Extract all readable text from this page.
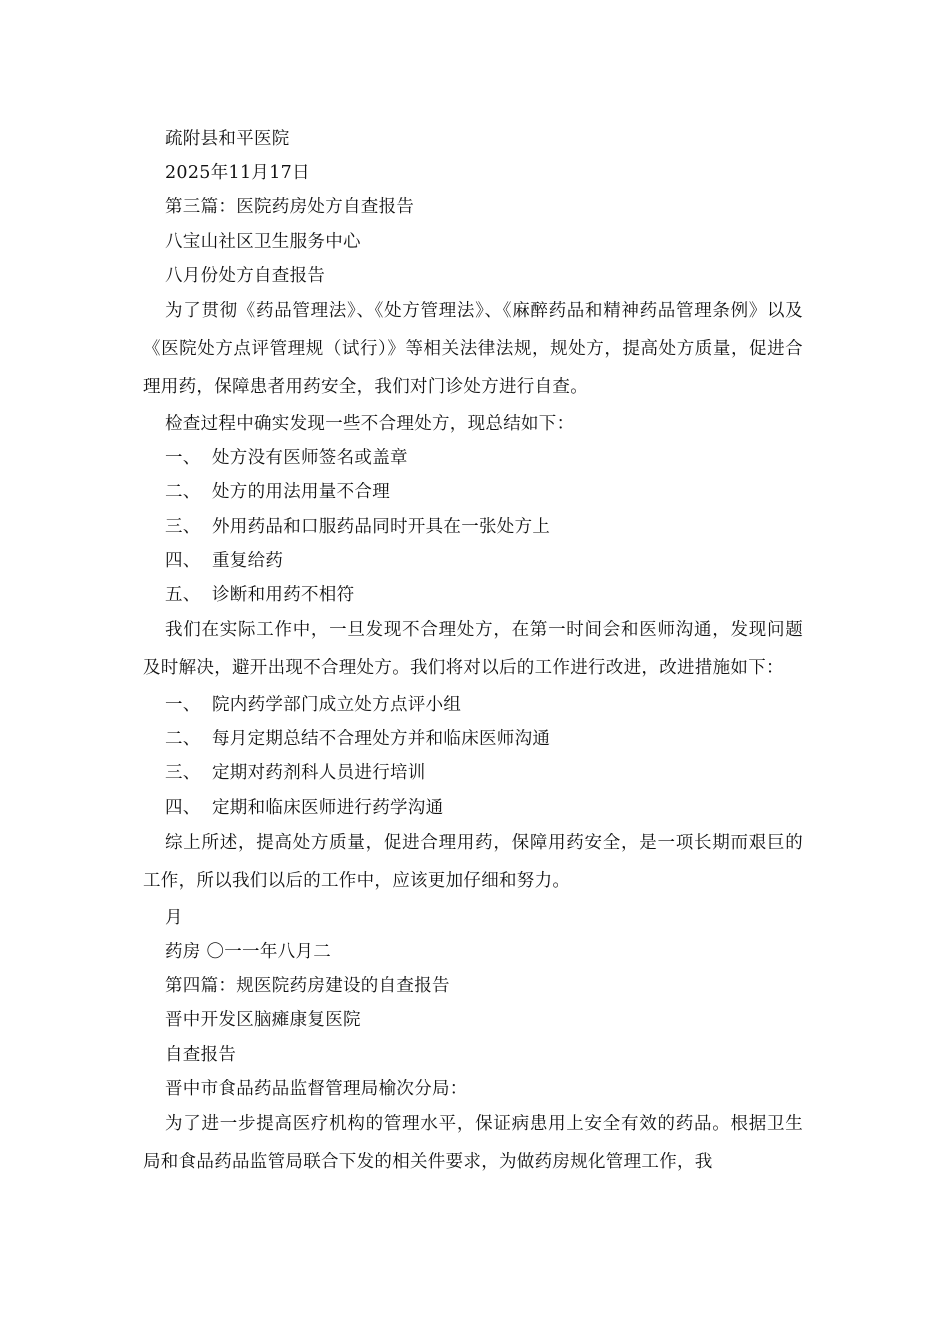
疏附县和平医院
2025年11月17日
第三篇：医院药房处方自查报告
八宝山社区卫生服务中心
八月份处方自查报告
为了贯彻《药品管理法》、《处方管理法》、《麻醉药品和精神药品管理条例》以及《医院处方点评管理规（试行）》等相关法律法规，规处方，提高处方质量，促进合理用药，保障患者用药安全，我们对门诊处方进行自查。
检查过程中确实发现一些不合理处方，现总结如下：
一、 处方没有医师签名或盖章
二、 处方的用法用量不合理
三、 外用药品和口服药品同时开具在一张处方上
四、 重复给药
五、 诊断和用药不相符
我们在实际工作中，一旦发现不合理处方，在第一时间会和医师沟通，发现问题及时解决，避开出现不合理处方。我们将对以后的工作进行改进，改进措施如下：
一、 院内药学部门成立处方点评小组
二、 每月定期总结不合理处方并和临床医师沟通
三、 定期对药剂科人员进行培训
四、 定期和临床医师进行药学沟通
综上所述，提高处方质量，促进合理用药，保障用药安全，是一项长期而艰巨的工作，所以我们以后的工作中，应该更加仔细和努力。
月
药房 〇一一年八月二
第四篇：规医院药房建设的自查报告
晋中开发区脑瘫康复医院
自查报告
晋中市食品药品监督管理局榆次分局：
为了进一步提高医疗机构的管理水平，保证病患用上安全有效的药品。根据卫生局和食品药品监管局联合下发的相关件要求，为做药房规化管理工作，我
